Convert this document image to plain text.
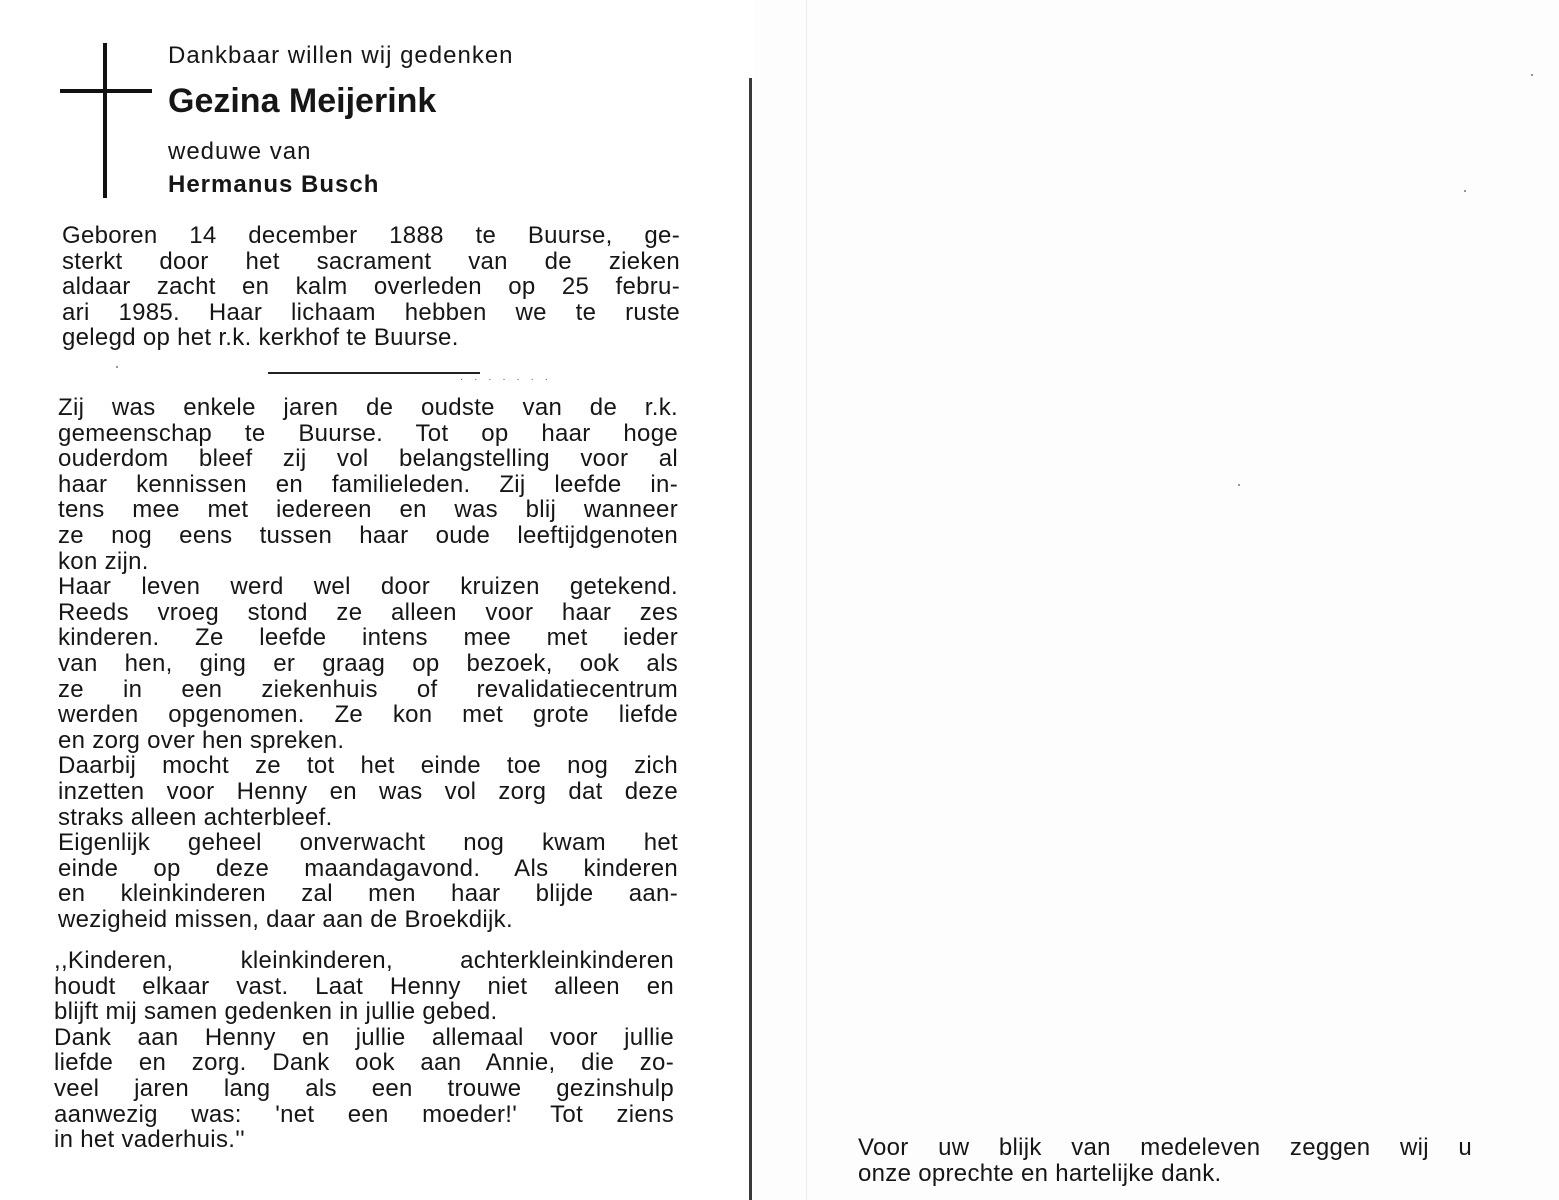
Dankbaar willen wij gedenken
Gezina Meijerink
weduwe van
Hermanus Busch
Geboren 14 december 1888 te Buurse, ge-
sterkt door het sacrament van de zieken
aldaar zacht en kalm overleden op 25 febru-
ari 1985. Haar lichaam hebben we te ruste
gelegd op het r.k. kerkhof te Buurse.
· · · · · · ·
Zij was enkele jaren de oudste van de r.k.
gemeenschap te Buurse. Tot op haar hoge
ouderdom bleef zij vol belangstelling voor al
haar kennissen en familieleden. Zij leefde in-
tens mee met iedereen en was blij wanneer
ze nog eens tussen haar oude leeftijdgenoten
kon zijn.
Haar leven werd wel door kruizen getekend.
Reeds vroeg stond ze alleen voor haar zes
kinderen. Ze leefde intens mee met ieder
van hen, ging er graag op bezoek, ook als
ze in een ziekenhuis of revalidatiecentrum
werden opgenomen. Ze kon met grote liefde
en zorg over hen spreken.
Daarbij mocht ze tot het einde toe nog zich
inzetten voor Henny en was vol zorg dat deze
straks alleen achterbleef.
Eigenlijk geheel onverwacht nog kwam het
einde op deze maandagavond. Als kinderen
en kleinkinderen zal men haar blijde aan-
wezigheid missen, daar aan de Broekdijk.
,,Kinderen, kleinkinderen, achterkleinkinderen
houdt elkaar vast. Laat Henny niet alleen en
blijft mij samen gedenken in jullie gebed.
Dank aan Henny en jullie allemaal voor jullie
liefde en zorg. Dank ook aan Annie, die zo-
veel jaren lang als een trouwe gezinshulp
aanwezig was: 'net een moeder!' Tot ziens
in het vaderhuis.''	Voor uw blijk van medeleven zeggen wij u
onze oprechte en hartelijke dank.
